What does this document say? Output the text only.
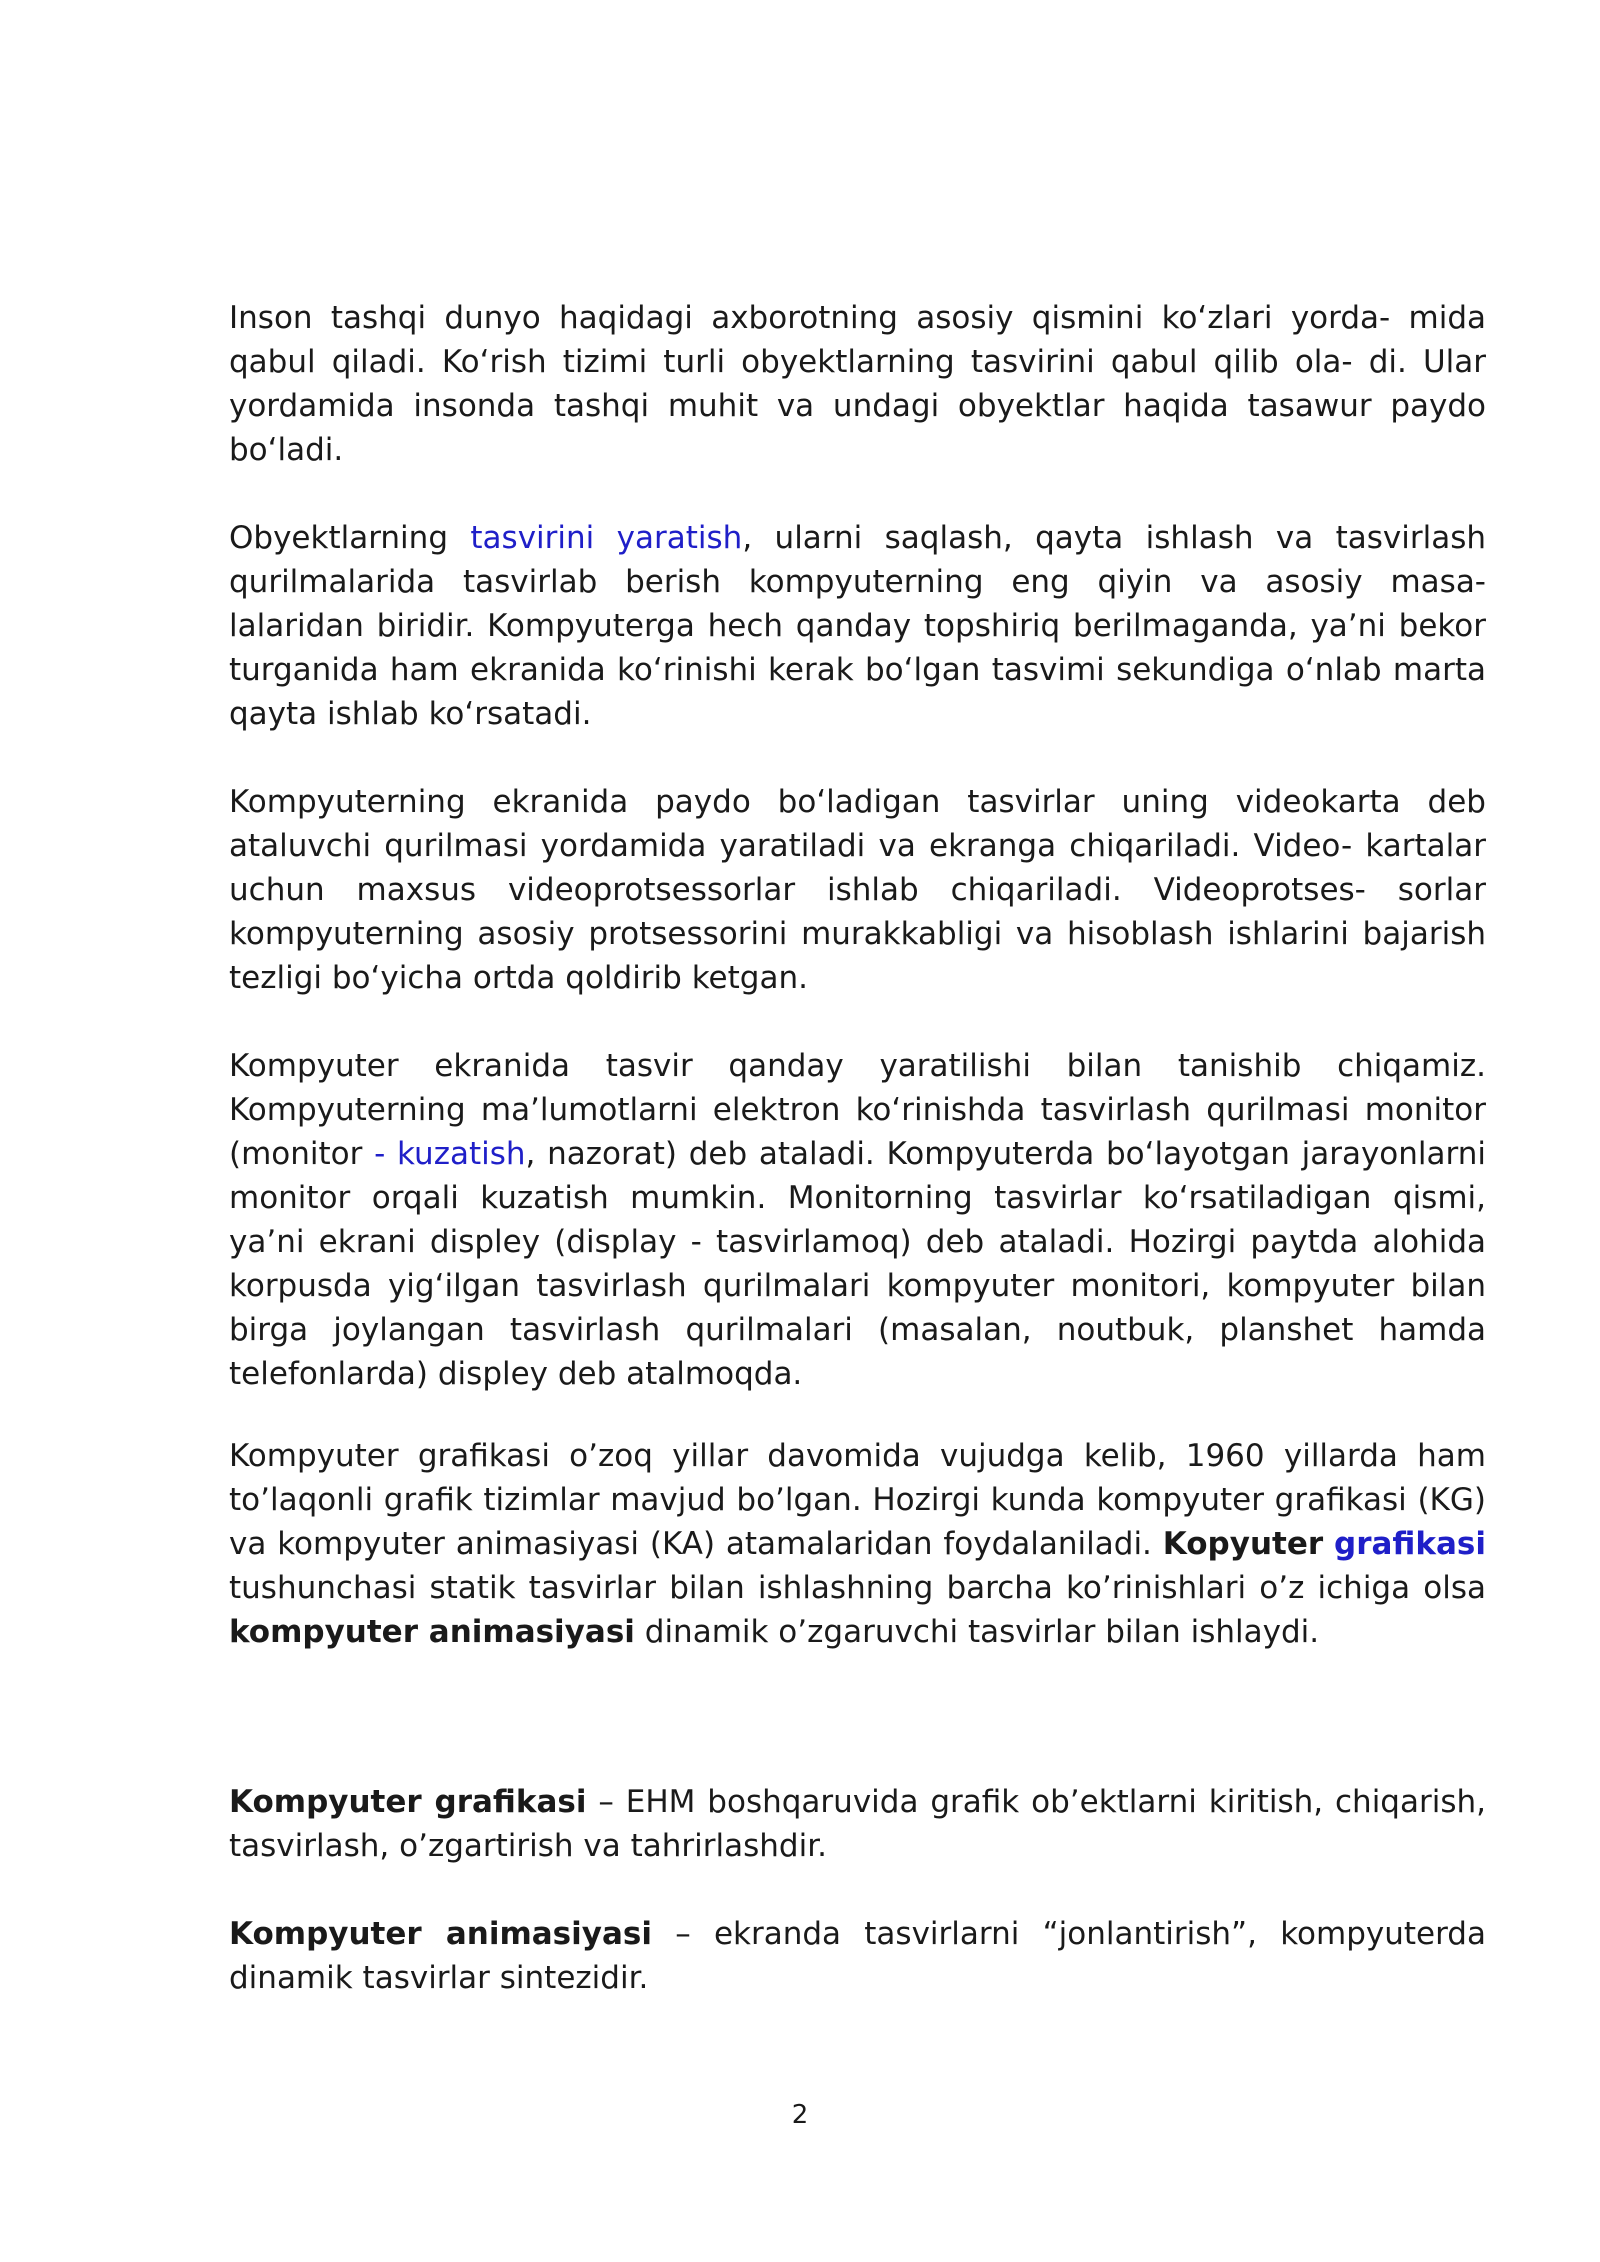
Inson tashqi dunyo haqidagi axborotning asosiy qismini ko‘zlari yorda- mida qabul qiladi. Ko‘rish tizimi turli obyektlarning tasvirini qabul qilib ola- di. Ular yordamida insonda tashqi muhit va undagi obyektlar haqida tasawur paydo bo‘ladi.

Obyektlarning tasvirini yaratish, ularni saqlash, qayta ishlash va tasvirlash qurilmalarida tasvirlab berish kompyuterning eng qiyin va asosiy masa- lalaridan biridir. Kompyuterga hech qanday topshiriq berilmaganda, ya’ni bekor turganida ham ekranida ko‘rinishi kerak bo‘lgan tasvimi sekundiga o‘nlab marta qayta ishlab ko‘rsatadi.

Kompyuterning ekranida paydo bo‘ladigan tasvirlar uning videokarta deb ataluvchi qurilmasi yordamida yaratiladi va ekranga chiqariladi. Video- kartalar uchun maxsus videoprotsessorlar ishlab chiqariladi. Videoprotses- sorlar kompyuterning asosiy protsessorini murakkabligi va hisoblash ishlarini bajarish tezligi bo‘yicha ortda qoldirib ketgan.

Kompyuter ekranida tasvir qanday yaratilishi bilan tanishib chiqamiz. Kompyuterning ma’lumotlarni elektron ko‘rinishda tasvirlash qurilmasi monitor (monitor - kuzatish, nazorat) deb ataladi. Kompyuterda bo‘layotgan jarayonlarni monitor orqali kuzatish mumkin. Monitorning tasvirlar ko‘rsatiladigan qismi, ya’ni ekrani displey (display - tasvirlamoq) deb ataladi. Hozirgi paytda alohida korpusda yig‘ilgan tasvirlash qurilmalari kompyuter monitori, kompyuter bilan birga joylangan tasvirlash qurilmalari (masalan, noutbuk, planshet hamda telefonlarda) displey deb atalmoqda.

Kompyuter grafikasi o’zoq yillar davomida vujudga kelib, 1960 yillarda ham to’laqonli grafik tizimlar mavjud bo’lgan. Hozirgi kunda kompyuter grafikasi (KG) va kompyuter animasiyasi (KA) atamalaridan foydalaniladi. Kopyuter grafikasi tushunchasi statik tasvirlar bilan ishlashning barcha ko’rinishlari o’z ichiga olsa kompyuter animasiyasi dinamik o’zgaruvchi tasvirlar bilan ishlaydi.

Kompyuter grafikasi – EHM boshqaruvida grafik ob’ektlarni kiritish, chiqarish, tasvirlash, o’zgartirish va tahrirlashdir.

Kompyuter animasiyasi – ekranda tasvirlarni “jonlantirish”, kompyuterda dinamik tasvirlar sintezidir.

2
